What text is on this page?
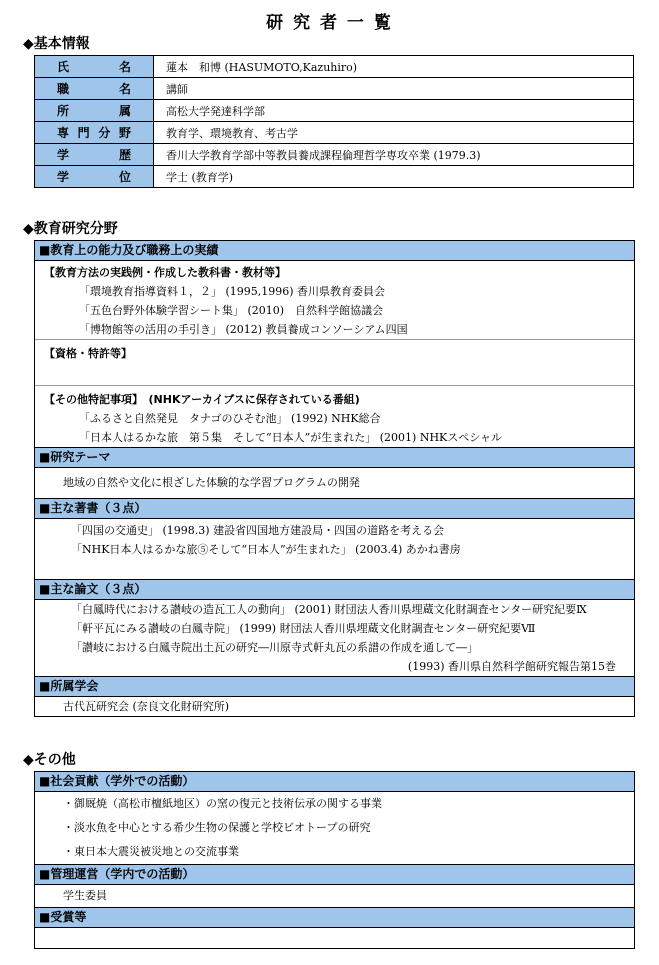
研 究 者 一 覧
◆基本情報
氏 名	蓮本　和博 (HASUMOTO,Kazuhiro)

職 名	講師

所 属	高松大学発達科学部

専 門 分 野	教育学、環境教育、考古学

学 歴	香川大学教育学部中等教員養成課程倫理哲学専攻卒業 (1979.3)

学 位	学士 (教育学)
◆教育研究分野
■教育上の能力及び職務上の実績
【教育方法の実践例・作成した教科書・教材等】
「環境教育指導資料１，２」 (1995,1996) 香川県教育委員会
「五色台野外体験学習シート集」 (2010)　自然科学館協議会
「博物館等の活用の手引き」 (2012) 教員養成コンソーシアム四国
【資格・特許等】
【その他特記事項】　(NHKアーカイブスに保存されている番組)
「ふるさと自然発見　タナゴのひそむ池」 (1992) NHK総合
「日本人はるかな旅　第５集　そして“日本人”が生まれた」 (2001) NHKスペシャル
■研究テーマ
地域の自然や文化に根ざした体験的な学習プログラムの開発
■主な著書（３点）
「四国の交通史」 (1998.3) 建設省四国地方建設局・四国の道路を考える会
「NHK日本人はるかな旅⑤そして“日本人”が生まれた」 (2003.4) あかね書房
■主な論文（３点）
「白鳳時代における讃岐の造瓦工人の動向」 (2001) 財団法人香川県埋蔵文化財調査センター研究紀要Ⅸ
「軒平瓦にみる讃岐の白鳳寺院」 (1999) 財団法人香川県埋蔵文化財調査センター研究紀要Ⅶ
「讃岐における白鳳寺院出土瓦の研究―川原寺式軒丸瓦の系譜の作成を通して―」
(1993) 香川県自然科学館研究報告第15巻
■所属学会
古代瓦研究会 (奈良文化財研究所)
◆その他
■社会貢献（学外での活動）
・御厩焼（高松市檀紙地区）の窯の復元と技術伝承の関する事業
・淡水魚を中心とする希少生物の保護と学校ビオトープの研究
・東日本大震災被災地との交流事業
■管理運営（学内での活動）
学生委員
■受賞等
